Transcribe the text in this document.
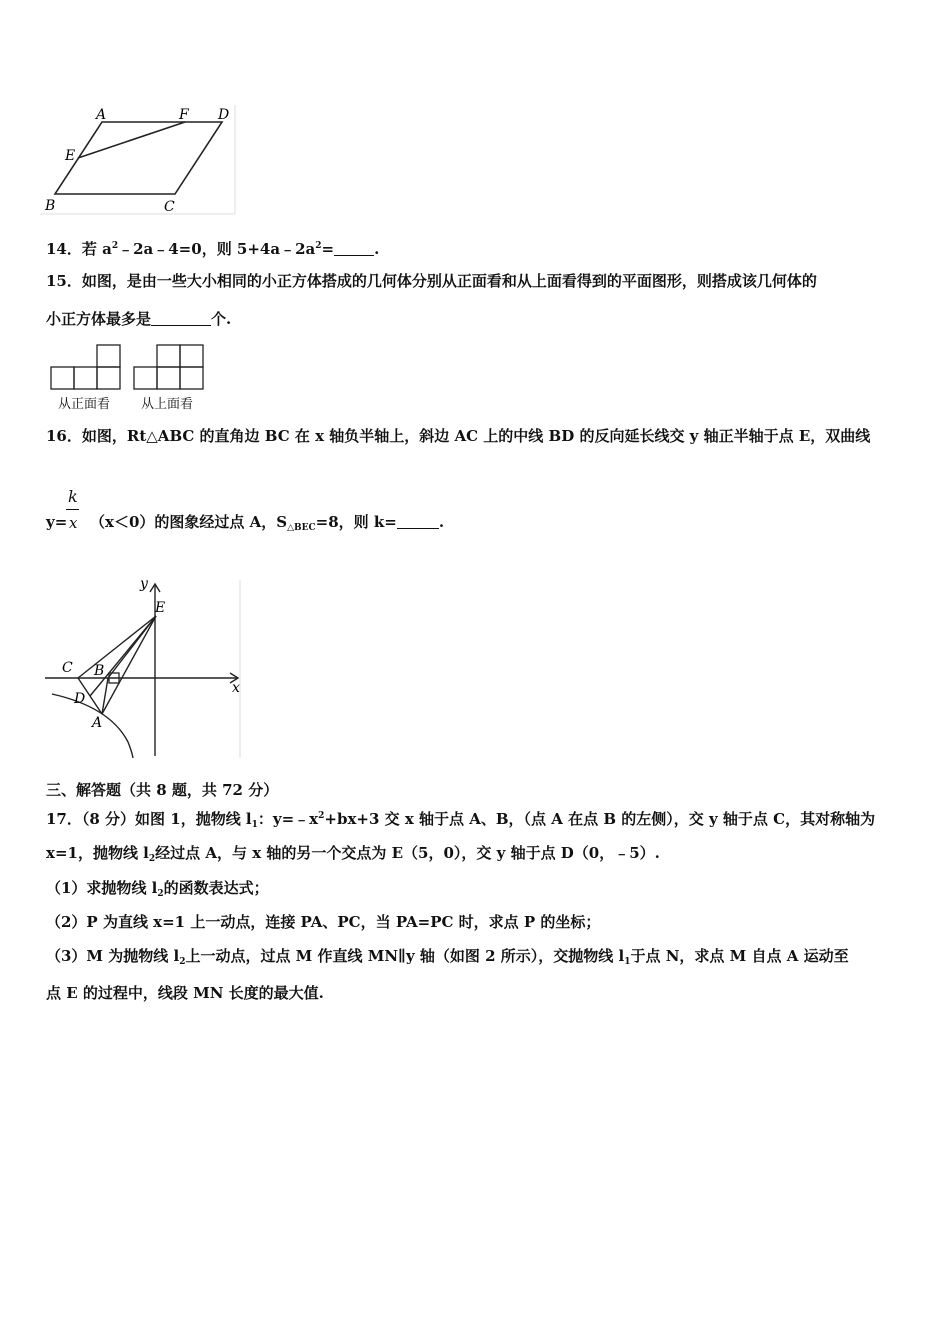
A	F D
E
B	C
14．若 $a^2﹣2a﹣4=0$，则 $5+4a﹣2a^2=$	.
15．如图，是由一些大小相同的小正方体搭成的几何体分别从正面看和从上面看得到的平面图形，则搭成该几何体的
小正方体最多是	个.
从正面看 从上面看
16．如图，Rt△ABC 的直角边 BC 在 x 轴负半轴上，斜边 AC 上的中线 BD 的反向延长线交 y 轴正半轴于点 E，双曲线
k
x
y= （x＜0）的图象经过点 A，$S_{\triangle BEC}=8$，则 k=	.
y
E
C B
D
A
x
三、解答题（共 8 题，共 72 分）
17．（8 分）如图 1，抛物线 $l_1$：$y=﹣x^2+bx+3$ 交 x 轴于点 A、B，（点 A 在点 B 的左侧），交 y 轴于点 C，其对称轴为
x=1，抛物线 $l_2$经过点 A，与 x 轴的另一个交点为 E（5，0），交 y 轴于点 D（0，﹣5）.
（1）求抛物线 $l_2$的函数表达式；
（2）P 为直线 x=1 上一动点，连接 PA、PC，当 PA=PC 时，求点 P 的坐标；
（3）M 为抛物线 $l_2$上一动点，过点 M 作直线 MN∥y 轴（如图 2 所示），交抛物线 $l_1$于点 N，求点 M 自点 A 运动至
点 E 的过程中，线段 MN 长度的最大值.
